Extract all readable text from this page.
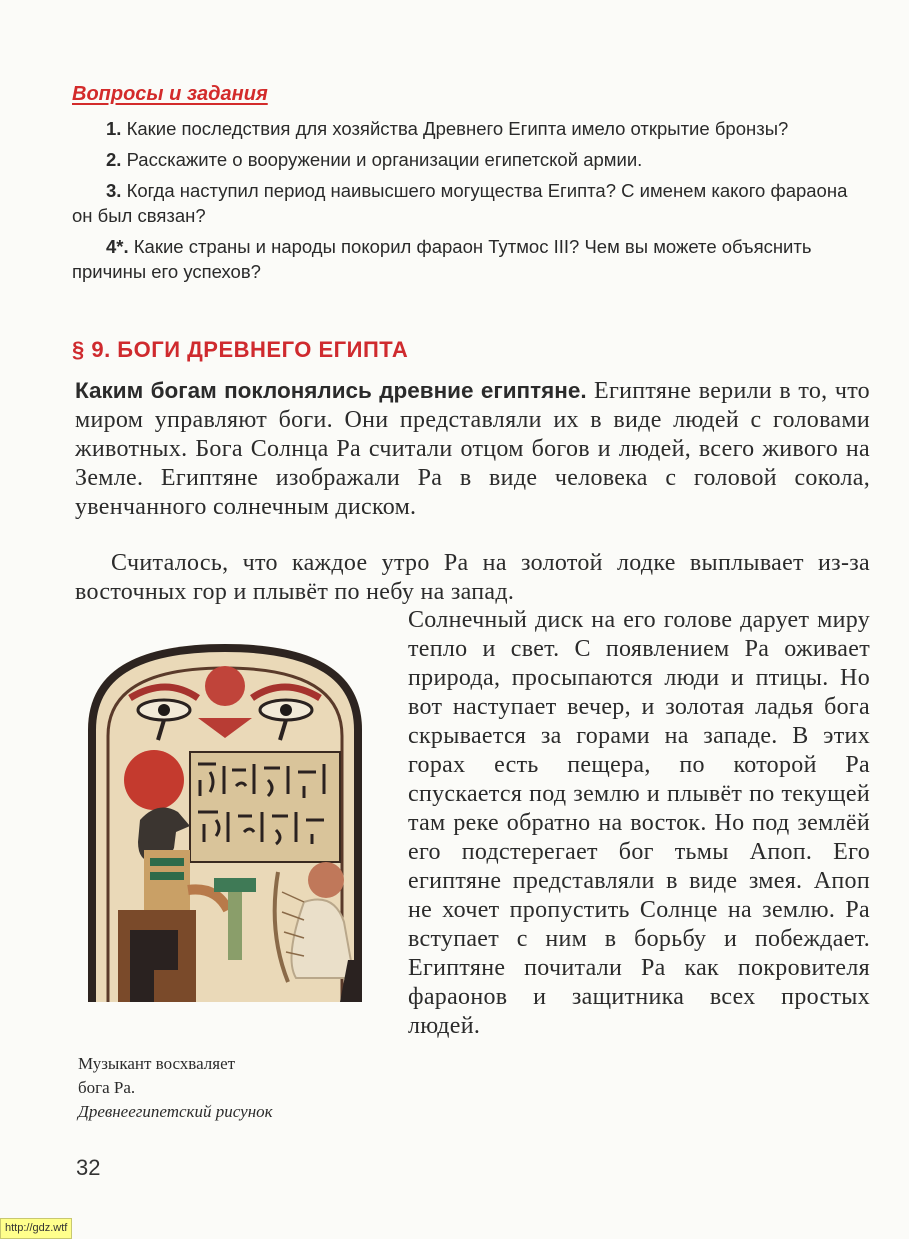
Вопросы и задания

1. Какие последствия для хозяйства Древнего Египта имело открытие бронзы?

2. Расскажите о вооружении и организации египетской армии.

3. Когда наступил период наивысшего могущества Египта? С именем какого фараона он был связан?

4*. Какие страны и народы покорил фараон Тутмос III? Чем вы можете объяснить причины его успехов?

§ 9. БОГИ ДРЕВНЕГО ЕГИПТА

Каким богам поклонялись древние египтяне. Египтяне верили в то, что миром управляют боги. Они представляли их в виде людей с головами животных. Бога Солнца Ра считали отцом богов и людей, всего живого на Земле. Египтяне изображали Ра в виде человека с головой сокола, увенчанного солнечным диском.

Считалось, что каждое утро Ра на золотой лодке выплывает из-за восточных гор и плывёт по небу на запад.

Солнечный диск на его голове дарует миру тепло и свет. С появлением Ра оживает природа, просыпаются люди и птицы. Но вот наступает вечер, и золотая ладья бога скрывается за горами на западе. В этих горах есть пещера, по которой Ра спускается под землю и плывёт по текущей там реке обратно на восток. Но под землёй его подстерегает бог тьмы Апоп. Его египтяне представляли в виде змея. Апоп не хочет пропустить Солнце на землю. Ра вступает с ним в борьбу и побеждает. Египтяне почитали Ра как покровителя фараонов и защитника всех простых людей.

Музыкант восхваляет
бога Ра.
Древнеегипетский рисунок
32
http://gdz.wtf
